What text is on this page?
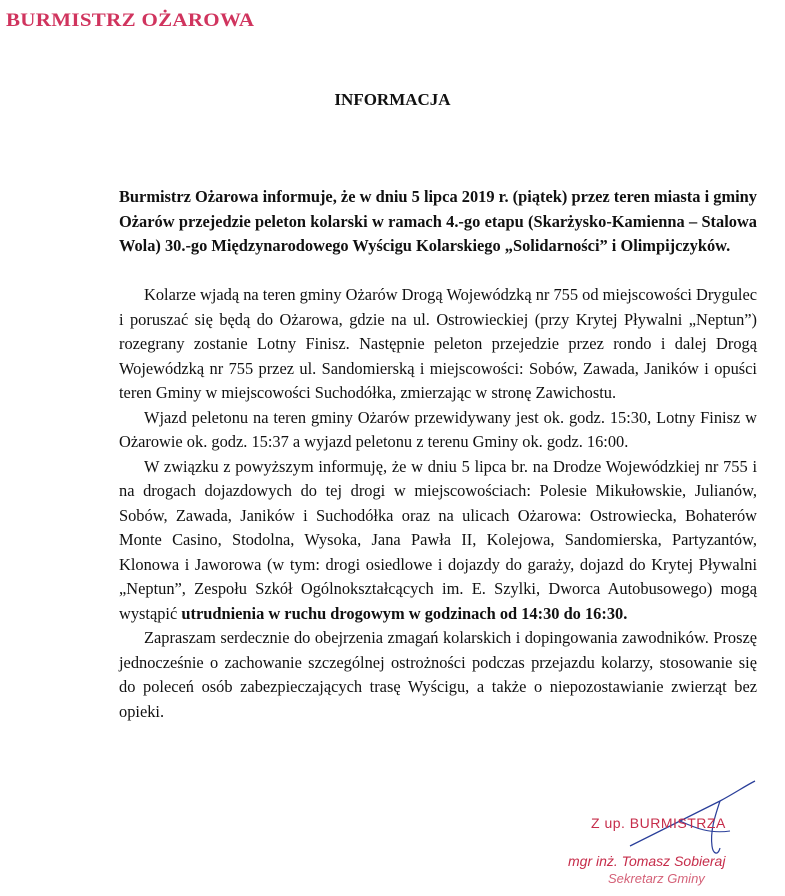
BURMISTRZ OŻAROWA
INFORMACJA

Burmistrz Ożarowa informuje, że w dniu 5 lipca 2019 r. (piątek) przez teren miasta i gminy Ożarów przejedzie peleton kolarski w ramach 4.-go etapu (Skarżysko-Kamienna – Stalowa Wola) 30.-go Międzynarodowego Wyścigu Kolarskiego „Solidarności” i Olimpijczyków.

Kolarze wjadą na teren gminy Ożarów Drogą Wojewódzką nr 755 od miejscowości Drygulec i poruszać się będą do Ożarowa, gdzie na ul. Ostrowieckiej (przy Krytej Pływalni „Neptun”) rozegrany zostanie Lotny Finisz. Następnie peleton przejedzie przez rondo i dalej Drogą Wojewódzką nr 755 przez ul. Sandomierską i miejscowości: Sobów, Zawada, Janików i opuści teren Gminy w miejscowości Suchodółka, zmierzając w stronę Zawichostu.

Wjazd peletonu na teren gminy Ożarów przewidywany jest ok. godz. 15:30, Lotny Finisz w Ożarowie ok. godz. 15:37 a wyjazd peletonu z terenu Gminy ok. godz. 16:00.

W związku z powyższym informuję, że w dniu 5 lipca br. na Drodze Wojewódzkiej nr 755 i na drogach dojazdowych do tej drogi w miejscowościach: Polesie Mikułowskie, Julianów, Sobów, Zawada, Janików i Suchodółka oraz na ulicach Ożarowa: Ostrowiecka, Bohaterów Monte Casino, Stodolna, Wysoka, Jana Pawła II, Kolejowa, Sandomierska, Partyzantów, Klonowa i Jaworowa (w tym: drogi osiedlowe i dojazdy do garaży, dojazd do Krytej Pływalni „Neptun”, Zespołu Szkół Ogólnokształcących im. E. Szylki, Dworca Autobusowego) mogą wystąpić utrudnienia w ruchu drogowym w godzinach od 14:30 do 16:30.

Zapraszam serdecznie do obejrzenia zmagań kolarskich i dopingowania zawodników. Proszę jednocześnie o zachowanie szczególnej ostrożności podczas przejazdu kolarzy, stosowanie się do poleceń osób zabezpieczających trasę Wyścigu, a także o niepozostawianie zwierząt bez opieki.

Z up. BURMISTRZA
mgr inż. Tomasz Sobieraj
Sekretarz Gminy
